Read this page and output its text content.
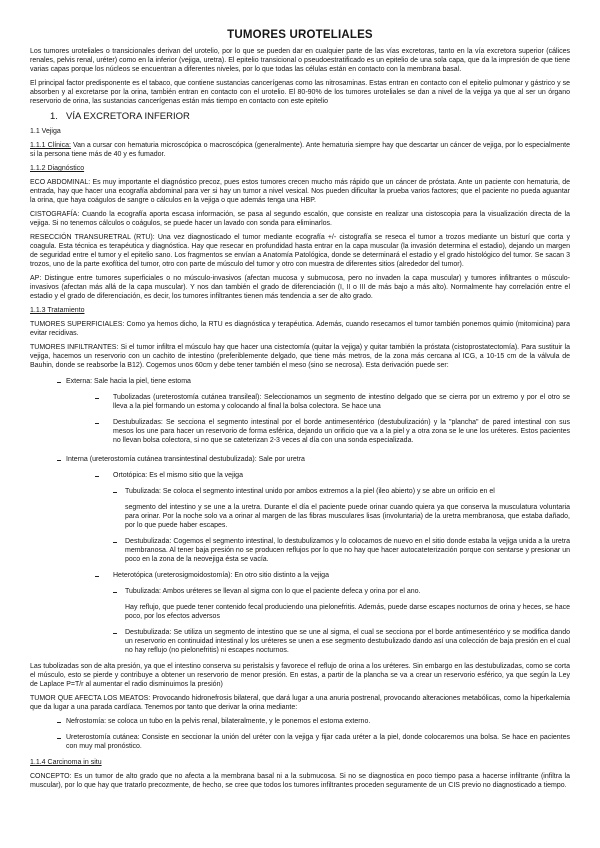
TUMORES UROTELIALES

Los tumores uroteliales o transicionales derivan del urotelio, por lo que se pueden dar en cualquier parte de las vías excretoras, tanto en la vía excretora superior (cálices renales, pelvis renal, uréter) como en la inferior (vejiga, uretra). El epitelio transicional o pseudoestratificado es un epitelio de una sola capa, que da la impresión de que tiene varias capas porque los núcleos se encuentran a diferentes niveles, por lo que todas las células están en contacto con la membrana basal.

El principal factor predisponente es el tabaco, que contiene sustancias cancerígenas como las nitrosaminas. Estas entran en contacto con el epitelio pulmonar y gástrico y se absorben y al excretarse por la orina, también entran en contacto con el urotelio. El 80-90% de los tumores uroteliales se dan a nivel de la vejiga ya que al ser un órgano reservorio de orina, las sustancias cancerígenas están más tiempo en contacto con este epitelio

1. VÍA EXCRETORA INFERIOR
1.1 Vejiga

1.1.1 Clínica: Van a cursar con hematuria microscópica o macroscópica (generalmente). Ante hematuria siempre hay que descartar un cáncer de vejiga, por lo especialmente si la persona tiene más de 40 y es fumador.

1.1.2 Diagnóstico

ECO ABDOMINAL: Es muy importante el diagnóstico precoz, pues estos tumores crecen mucho más rápido que un cáncer de próstata. Ante un paciente con hematuria, de entrada, hay que hacer una ecografía abdominal para ver si hay un tumor a nivel vesical. Nos pueden dificultar la prueba varios factores; que el paciente no pueda aguantar la orina, que haya coágulos de sangre o cálculos en la vejiga o que además tenga una HBP.

CISTOGRAFÍA: Cuando la ecografía aporta escasa información, se pasa al segundo escalón, que consiste en realizar una cistoscopia para la visualización directa de la vejiga. Si no tenemos cálculos o coágulos, se puede hacer un lavado con sonda para eliminarlos.

RESECCIÓN TRANSURETRAL (RTU): Una vez diagnosticado el tumor mediante ecografía +/- cistografía se reseca el tumor a trozos mediante un bisturí que corta y coagula. Esta técnica es terapéutica y diagnóstica. Hay que resecar en profundidad hasta entrar en la capa muscular (la invasión determina el estadio), dejando un margen de seguridad entre el tumor y el epitelio sano. Los fragmentos se envían a Anatomía Patológica, donde se determinará el estadio y el grado histológico del tumor. Se sacan 3 trozos, uno de la parte exofítica del tumor, otro con parte de músculo del tumor y otro con muestra de diferentes sitios (alrededor del tumor).

AP: Distingue entre tumores superficiales o no músculo-invasivos (afectan mucosa y submucosa, pero no invaden la capa muscular) y tumores infiltrantes o músculo-invasivos (afectan más allá de la capa muscular). Y nos dan también el grado de diferenciación (I, II o III de más bajo a más alto). Normalmente hay correlación entre el estadio y el grado de diferenciación, es decir, los tumores infiltrantes tienen más tendencia a ser de alto grado.

1.1.3 Tratamiento

TUMORES SUPERFICIALES: Como ya hemos dicho, la RTU es diagnóstica y terapéutica. Además, cuando resecamos el tumor también ponemos quimio (mitomicina) para evitar recidivas.

TUMORES INFILTRANTES: Si el tumor infiltra el músculo hay que hacer una cistectomía (quitar la vejiga) y quitar también la próstata (cistoprostatectomía). Para sustituir la vejiga, hacemos un reservorio con un cachito de intestino (preferiblemente delgado, que tiene más metros, de la zona más cercana al ICG, a 10-15 cm de la válvula de Bauhin, donde se reabsorbe la B12). Cogemos unos 60cm y debe tener también el meso (sino se necrosa). Esta derivación puede ser:

Externa: Sale hacia la piel, tiene estoma
Tubolizadas (ureterostomía cutánea transileal): Seleccionamos un segmento de intestino delgado que se cierra por un extremo y por el otro se lleva a la piel formando un estoma y colocando al final la bolsa colectora. Se hace una
Destubulizadas: Se secciona el segmento intestinal por el borde antimesentérico (destubulización) y la "plancha" de pared intestinal con sus mesos los une para hacer un reservorio de forma esférica, dejando un orificio que va a la piel y a otra zona se le une los uréteres. Estos pacientes no llevan bolsa colectora, si no que se cateterizan 2-3 veces al día con una sonda especializada.
Interna (ureterostomía cutánea transintestinal destubulizada): Sale por uretra
Ortotópica: Es el mismo sitio que la vejiga
Tubulizada: Se coloca el segmento intestinal unido por ambos extremos a la piel (ileo abierto) y se abre un orificio en el
segmento del intestino y se une a la uretra. Durante el día el paciente puede orinar cuando quiera ya que conserva la musculatura voluntaria para orinar. Por la noche solo va a orinar al margen de las fibras musculares lisas (involuntaria) de la uretra membranosa, que estaba dañado, por lo que puede haber escapes.
Destubulizada: Cogemos el segmento intestinal, lo destubulizamos y lo colocamos de nuevo en el sitio donde estaba la vejiga unida a la uretra membranosa. Al tener baja presión no se producen reflujos por lo que no hay que hacer autocateterización porque con sentarse y presionar un poco en la zona de la neovejiga ésta se vacía.
Heterotópica (ureterosigmoidostomía): En otro sitio distinto a la vejiga
Tubulizada: Ambos uréteres se llevan al sigma con lo que el paciente defeca y orina por el ano.
Hay reflujo, que puede tener contenido fecal produciendo una pielonefritis. Además, puede darse escapes nocturnos de orina y heces, se hace poco, por los efectos adversos
Destubulizada: Se utiliza un segmento de intestino que se une al sigma, el cual se secciona por el borde antimesentérico y se modifica dando un reservorio en continuidad intestinal y los uréteres se unen a ese segmento destubulizado dando así una colección de baja presión en el cual no hay reflujo (no pielonefritis) ni escapes nocturnos.

Las tubolizadas son de alta presión, ya que el intestino conserva su peristalsis y favorece el reflujo de orina a los uréteres. Sin embargo en las destubulizadas, como se corta el músculo, esto se pierde y contribuye a obtener un reservorio de menor presión. En estas, a partir de la plancha se va a crear un reservorio esférico, ya que según la Ley de Laplace P=T/r al aumentar el radio disminuimos la presión)

TUMOR QUE AFECTA LOS MEATOS: Provocando hidronefrosis bilateral, que dará lugar a una anuria postrenal, provocando alteraciones metabólicas, como la hiperkalemia que da lugar a una parada cardíaca. Tenemos por tanto que derivar la orina mediante:

Nefrostomía: se coloca un tubo en la pelvis renal, bilateralmente, y le ponemos el estoma externo.
Ureterostomía cutánea: Consiste en seccionar la unión del uréter con la vejiga y fijar cada uréter a la piel, donde colocaremos una bolsa. Se hace en pacientes con muy mal pronóstico.
1.1.4 Carcinoma in situ

CONCEPTO: Es un tumor de alto grado que no afecta a la membrana basal ni a la submucosa. Si no se diagnostica en poco tiempo pasa a hacerse infiltrante (infiltra la muscular), por lo que hay que tratarlo precozmente, de hecho, se cree que todos los tumores infiltrantes proceden seguramente de un CIS previo no diagnosticado a tiempo.
